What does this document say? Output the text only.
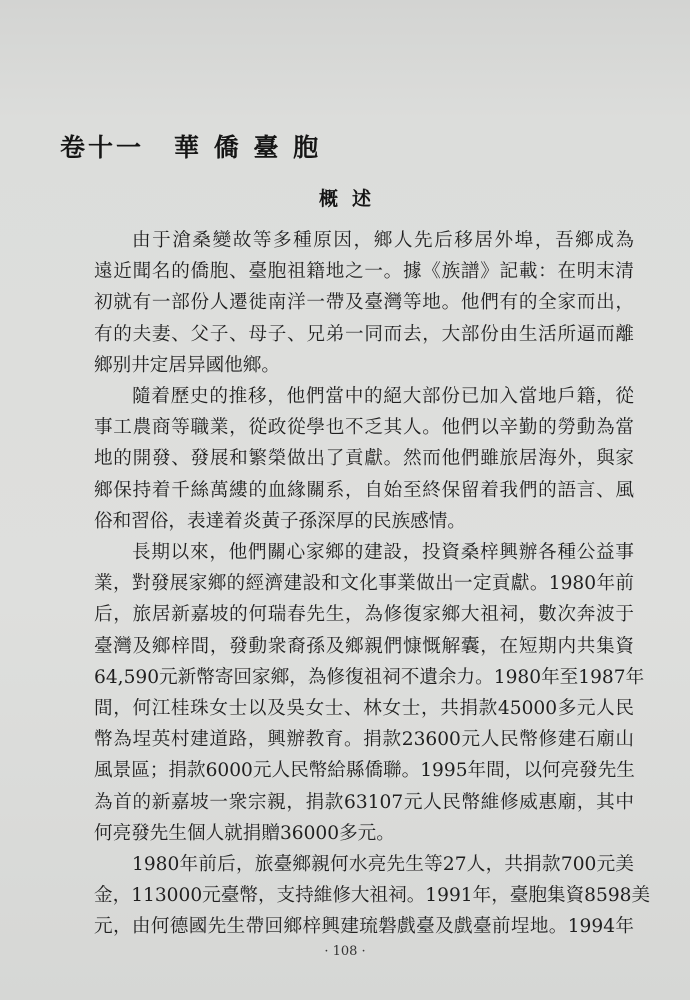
卷十一 華 僑 臺 胞
概述
由于滄桑變故等多種原因，鄉人先后移居外埠，吾鄉成為
遠近聞名的僑胞、臺胞祖籍地之一。據《族譜》記載：在明末清
初就有一部份人遷徙南洋一帶及臺灣等地。他們有的全家而出，
有的夫妻、父子、母子、兄弟一同而去，大部份由生活所逼而離
鄉别井定居异國他鄉。
隨着歷史的推移，他們當中的絕大部份已加入當地戶籍，從
事工農商等職業，從政從學也不乏其人。他們以辛勤的勞動為當
地的開發、發展和繁榮做出了貢獻。然而他們雖旅居海外，與家
鄉保持着千絲萬縷的血緣關系，自始至終保留着我們的語言、風
俗和習俗，表達着炎黃子孫深厚的民族感情。
長期以來，他們關心家鄉的建設，投資桑梓興辦各種公益事
業，對發展家鄉的經濟建設和文化事業做出一定貢獻。1980年前
后，旅居新嘉坡的何瑞春先生，為修復家鄉大祖祠，數次奔波于
臺灣及鄉梓間，發動衆裔孫及鄉親們慷慨解囊，在短期内共集資
64,590元新幣寄回家鄉，為修復祖祠不遺余力。1980年至1987年
間，何江桂珠女士以及吳女士、林女士，共捐款45000多元人民
幣為埕英村建道路，興辦教育。捐款23600元人民幣修建石廟山
風景區；捐款6000元人民幣給縣僑聯。1995年間，以何亮發先生
為首的新嘉坡一衆宗親，捐款63107元人民幣維修威惠廟，其中
何亮發先生個人就捐贈36000多元。
1980年前后，旅臺鄉親何水亮先生等27人，共捐款700元美
金，113000元臺幣，支持維修大祖祠。1991年，臺胞集資8598美
元，由何德國先生帶回鄉梓興建琉磐戲臺及戲臺前埕地。1994年
· 108 ·
